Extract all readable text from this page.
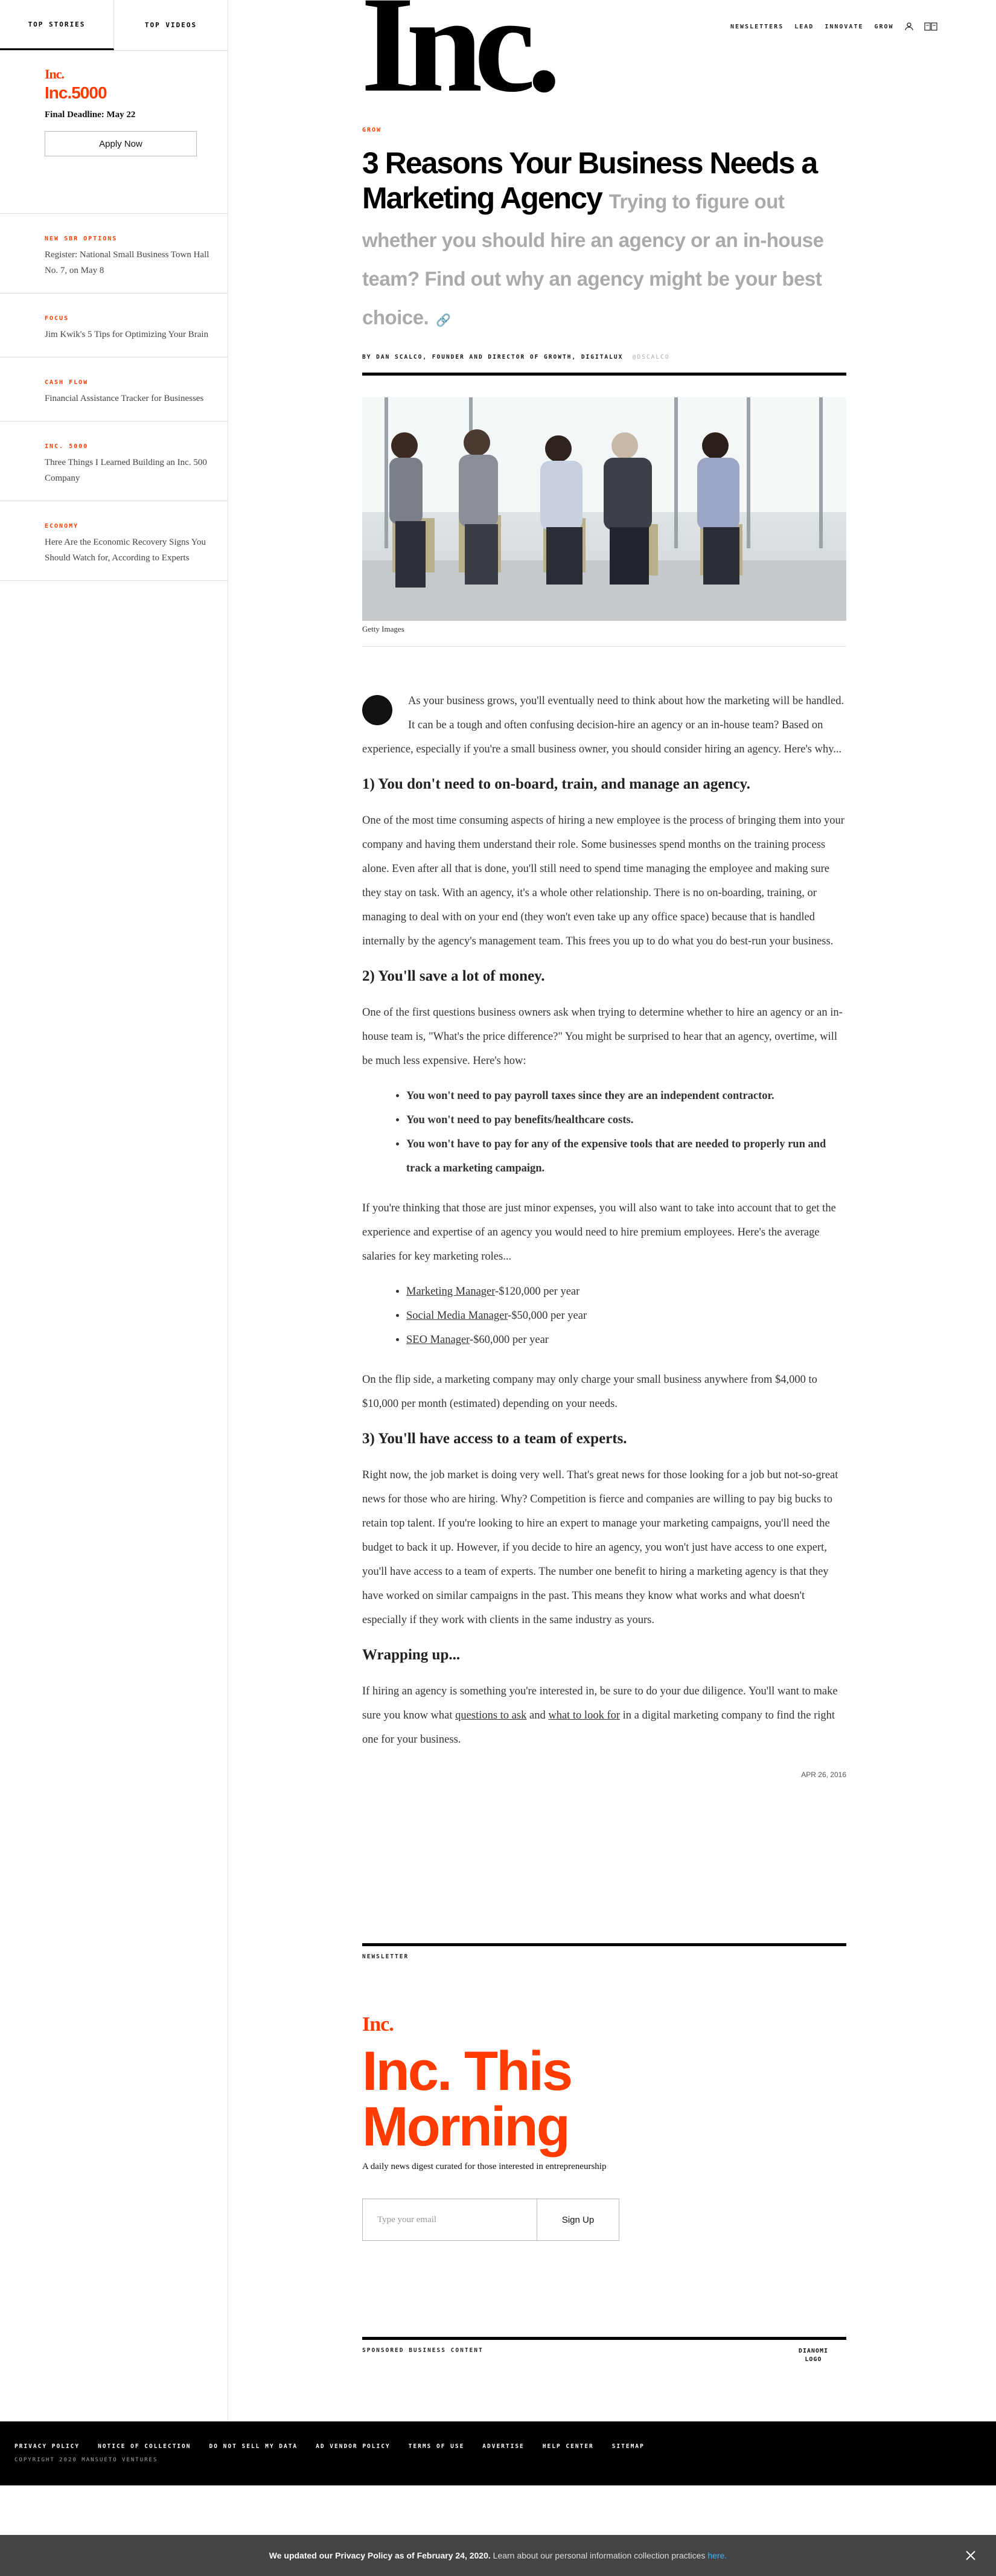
TOP STORIES	TOP VIDEOS
Inc.
Inc.5000
Final Deadline: May 22
Apply Now
NEW SBR OPTIONS
Register: National Small Business Town Hall No. 7, on May 8
FOCUS
Jim Kwik's 5 Tips for Optimizing Your Brain
CASH FLOW
Financial Assistance Tracker for Businesses
INC. 5000
Three Things I Learned Building an Inc. 500 Company
ECONOMY
Here Are the Economic Recovery Signs You Should Watch for, According to Experts
Inc.	NEWSLETTERS LEAD INNOVATE GROW
GROW
3 Reasons Your Business Needs a Marketing Agency Trying to figure out whether you should hire an agency or an in-house team? Find out why an agency might be your best choice. 🔗
BY DAN SCALCO, FOUNDER AND DIRECTOR OF GROWTH, DIGITALUX @DSCALCO
Getty Images

As your business grows, you'll eventually need to think about how the marketing will be handled. It can be a tough and often confusing decision-hire an agency or an in-house team? Based on experience, especially if you're a small business owner, you should consider hiring an agency. Here's why...

1) You don't need to on-board, train, and manage an agency.

One of the most time consuming aspects of hiring a new employee is the process of bringing them into your company and having them understand their role. Some businesses spend months on the training process alone. Even after all that is done, you'll still need to spend time managing the employee and making sure they stay on task. With an agency, it's a whole other relationship. There is no on-boarding, training, or managing to deal with on your end (they won't even take up any office space) because that is handled internally by the agency's management team. This frees you up to do what you do best-run your business.

2) You'll save a lot of money.

One of the first questions business owners ask when trying to determine whether to hire an agency or an in-house team is, "What's the price difference?" You might be surprised to hear that an agency, overtime, will be much less expensive. Here's how:

• You won't need to pay payroll taxes since they are an independent contractor.
• You won't need to pay benefits/healthcare costs.
• You won't have to pay for any of the expensive tools that are needed to properly run and track a marketing campaign.

If you're thinking that those are just minor expenses, you will also want to take into account that to get the experience and expertise of an agency you would need to hire premium employees. Here's the average salaries for key marketing roles...

• Marketing Manager-$120,000 per year
• Social Media Manager-$50,000 per year
• SEO Manager-$60,000 per year

On the flip side, a marketing company may only charge your small business anywhere from $4,000 to $10,000 per month (estimated) depending on your needs.

3) You'll have access to a team of experts.

Right now, the job market is doing very well. That's great news for those looking for a job but not-so-great news for those who are hiring. Why? Competition is fierce and companies are willing to pay big bucks to retain top talent. If you're looking to hire an expert to manage your marketing campaigns, you'll need the budget to back it up. However, if you decide to hire an agency, you won't just have access to one expert, you'll have access to a team of experts. The number one benefit to hiring a marketing agency is that they have worked on similar campaigns in the past. This means they know what works and what doesn't especially if they work with clients in the same industry as yours.

Wrapping up...

If hiring an agency is something you're interested in, be sure to do your due diligence. You'll want to make sure you know what questions to ask and what to look for in a digital marketing company to find the right one for your business.

APR 26, 2016
NEWSLETTER
Inc.
Inc. This
Morning
A daily news digest curated for those interested in entrepreneurship
Type your email
Sign Up
SPONSORED BUSINESS CONTENT	DIANOMI
LOGO
PRIVACY POLICY	NOTICE OF COLLECTION	DO NOT SELL MY DATA	AD VENDOR POLICY	TERMS OF USE	ADVERTISE	HELP CENTER	SITEMAP
COPYRIGHT 2020 MANSUETO VENTURES
We updated our Privacy Policy as of February 24, 2020. Learn about our personal information collection practices here.
